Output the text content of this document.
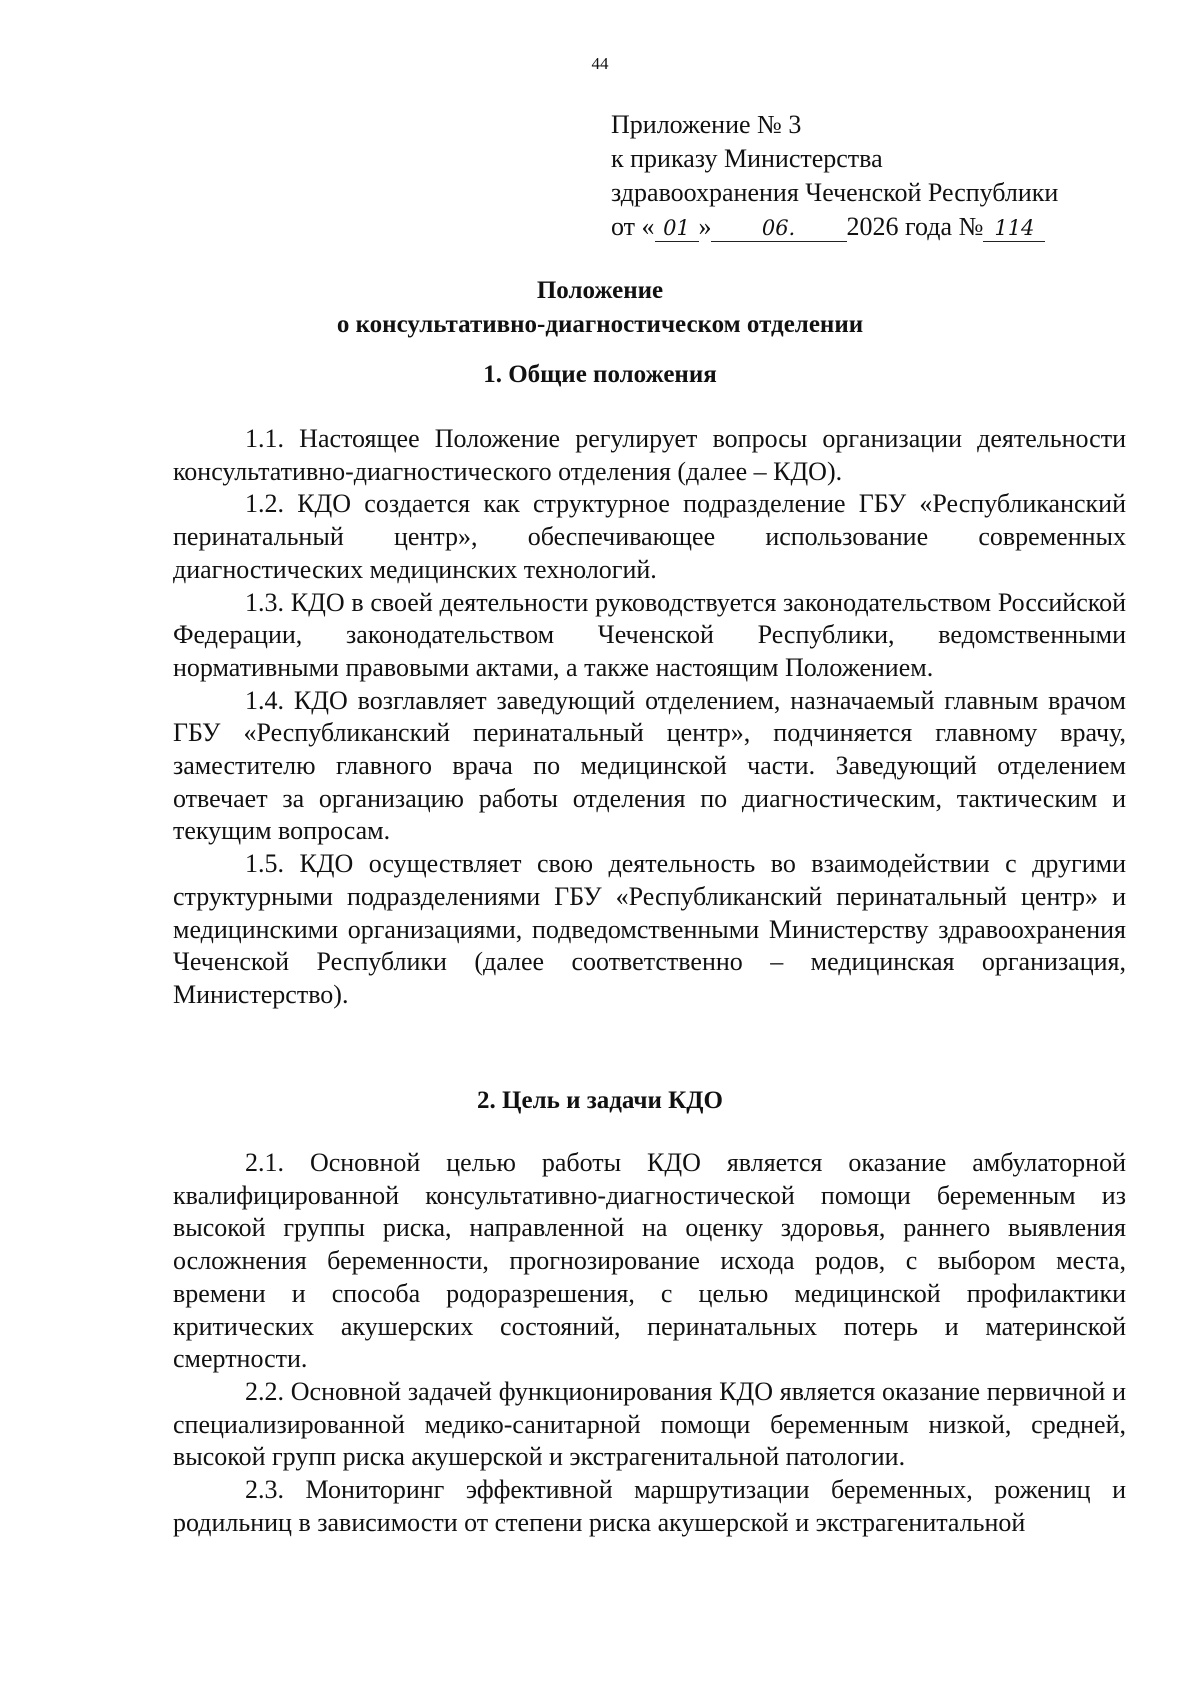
44
Приложение № 3
к приказу Министерства
здравоохранения Чеченской Республики
от « 01 » 06. 2026 года № 114
Положение
о консультативно-диагностическом отделении
1. Общие положения

1.1. Настоящее Положение регулирует вопросы организации деятельности консультативно-диагностического отделения (далее – КДО).

1.2. КДО создается как структурное подразделение ГБУ «Республиканский перинатальный центр», обеспечивающее использование современных диагностических медицинских технологий.

1.3. КДО в своей деятельности руководствуется законодательством Российской Федерации, законодательством Чеченской Республики, ведомственными нормативными правовыми актами, а также настоящим Положением.

1.4. КДО возглавляет заведующий отделением, назначаемый главным врачом ГБУ «Республиканский перинатальный центр», подчиняется главному врачу, заместителю главного врача по медицинской части. Заведующий отделением отвечает за организацию работы отделения по диагностическим, тактическим и текущим вопросам.

1.5. КДО осуществляет свою деятельность во взаимодействии с другими структурными подразделениями ГБУ «Республиканский перинатальный центр» и медицинскими организациями, подведомственными Министерству здравоохранения Чеченской Республики (далее соответственно – медицинская организация, Министерство).

2. Цель и задачи КДО

2.1. Основной целью работы КДО является оказание амбулаторной квалифицированной консультативно-диагностической помощи беременным из высокой группы риска, направленной на оценку здоровья, раннего выявления осложнения беременности, прогнозирование исхода родов, с выбором места, времени и способа родоразрешения, с целью медицинской профилактики критических акушерских состояний, перинатальных потерь и материнской смертности.

2.2. Основной задачей функционирования КДО является оказание первичной и специализированной медико-санитарной помощи беременным низкой, средней, высокой групп риска акушерской и экстрагенитальной патологии.

2.3. Мониторинг эффективной маршрутизации беременных, рожениц и родильниц в зависимости от степени риска акушерской и экстрагенитальной
